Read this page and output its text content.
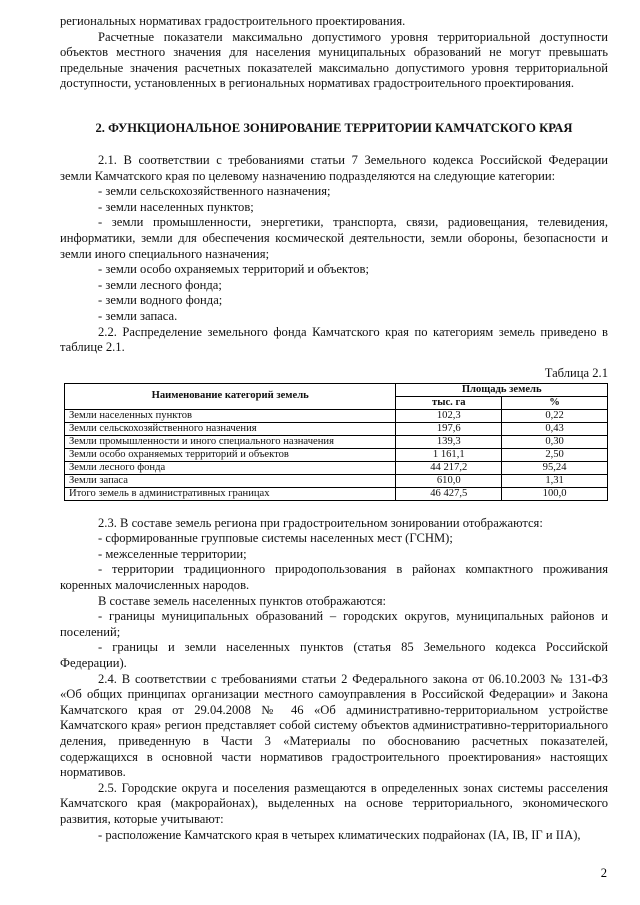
региональных нормативах градостроительного проектирования.

Расчетные показатели максимально допустимого уровня территориальной доступности объектов местного значения для населения муниципальных образований не могут превышать предельные значения расчетных показателей максимально допустимого уровня территориальной доступности, установленных в региональных нормативах градостроительного проектирования.

2. ФУНКЦИОНАЛЬНОЕ ЗОНИРОВАНИЕ ТЕРРИТОРИИ КАМЧАТСКОГО КРАЯ

2.1. В соответствии с требованиями статьи 7 Земельного кодекса Российской Федерации земли Камчатского края по целевому назначению подразделяются на следующие категории:

- земли сельскохозяйственного назначения;

- земли населенных пунктов;

- земли промышленности, энергетики, транспорта, связи, радиовещания, телевидения, информатики, земли для обеспечения космической деятельности, земли обороны, безопасности и земли иного специального назначения;

- земли особо охраняемых территорий и объектов;

- земли лесного фонда;

- земли водного фонда;

- земли запаса.

2.2. Распределение земельного фонда Камчатского края по категориям земель приведено в таблице 2.1.

Таблица 2.1

Наименование категорий земель	Площадь земель	
	тыс. га	%
Земли населенных пунктов	102,3	0,22
Земли сельскохозяйственного назначения	197,6	0,43
Земли промышленности и иного специального назначения	139,3	0,30
Земли особо охраняемых территорий и объектов	1 161,1	2,50
Земли лесного фонда	44 217,2	95,24
Земли запаса	610,0	1,31
Итого земель в административных границах	46 427,5	100,0

2.3. В составе земель региона при градостроительном зонировании отображаются:

- сформированные групповые системы населенных мест (ГСНМ);

- межселенные территории;

- территории традиционного природопользования в районах компактного проживания коренных малочисленных народов.

В составе земель населенных пунктов отображаются:

- границы муниципальных образований – городских округов, муниципальных районов и поселений;

- границы и земли населенных пунктов (статья 85 Земельного кодекса Российской Федерации).

2.4. В соответствии с требованиями статьи 2 Федерального закона от 06.10.2003 № 131-ФЗ «Об общих принципах организации местного самоуправления в Российской Федерации» и Закона Камчатского края от 29.04.2008 № 46 «Об административно-территориальном устройстве Камчатского края» регион представляет собой систему объектов административно-территориального деления, приведенную в Части 3 «Материалы по обоснованию расчетных показателей, содержащихся в основной части нормативов градостроительного проектирования» настоящих нормативов.

2.5. Городские округа и поселения размещаются в определенных зонах системы расселения Камчатского края (макрорайонах), выделенных на основе территориального, экономического развития, которые учитывают:

- расположение Камчатского края в четырех климатических подрайонах (IA, IB, IГ и IIA),

2
